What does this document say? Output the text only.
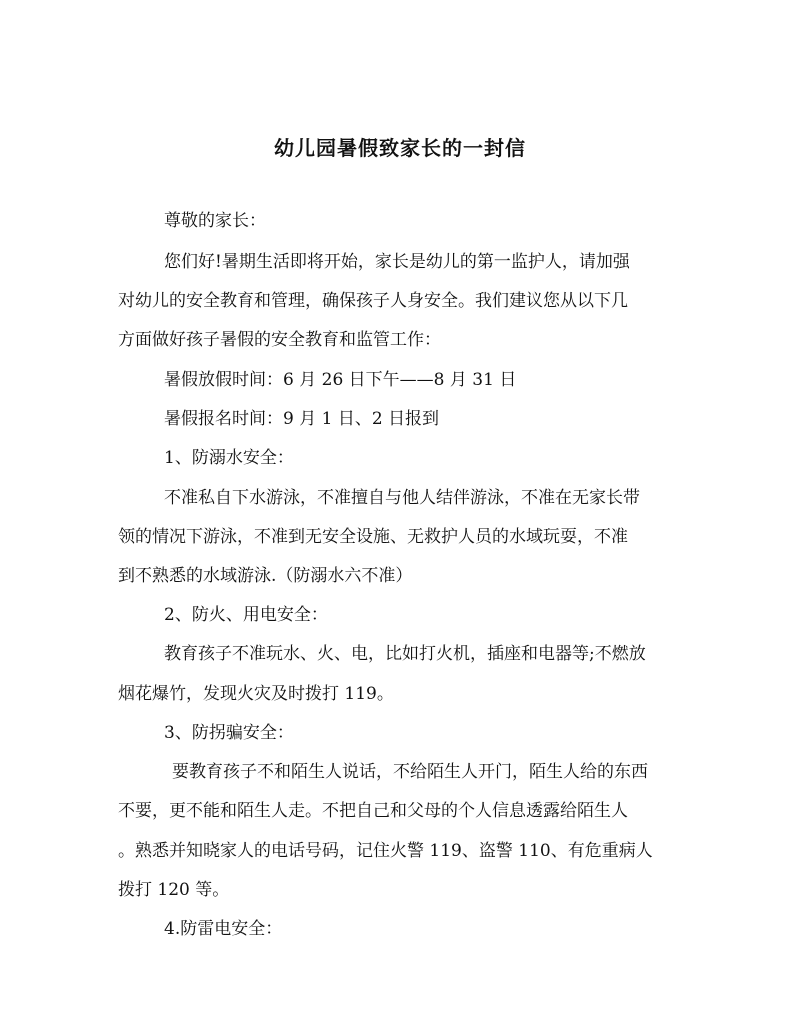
幼儿园暑假致家长的一封信

尊敬的家长：

您们好!暑期生活即将开始，家长是幼儿的第一监护人，请加强

对幼儿的安全教育和管理，确保孩子人身安全。我们建议您从以下几

方面做好孩子暑假的安全教育和监管工作：

暑假放假时间：6 月 26 日下午——8 月 31 日

暑假报名时间：9 月 1 日、2 日报到

1、防溺水安全：

不准私自下水游泳，不准擅自与他人结伴游泳，不准在无家长带

领的情况下游泳，不准到无安全设施、无救护人员的水域玩耍，不准

到不熟悉的水域游泳.（防溺水六不准）

2、防火、用电安全：

教育孩子不准玩水、火、电，比如打火机，插座和电器等;不燃放

烟花爆竹，发现火灾及时拨打 119。

3、防拐骗安全：

要教育孩子不和陌生人说话，不给陌生人开门，陌生人给的东西

不要，更不能和陌生人走。不把自己和父母的个人信息透露给陌生人

。熟悉并知晓家人的电话号码，记住火警 119、盗警 110、有危重病人

拨打 120 等。

4.防雷电安全：
